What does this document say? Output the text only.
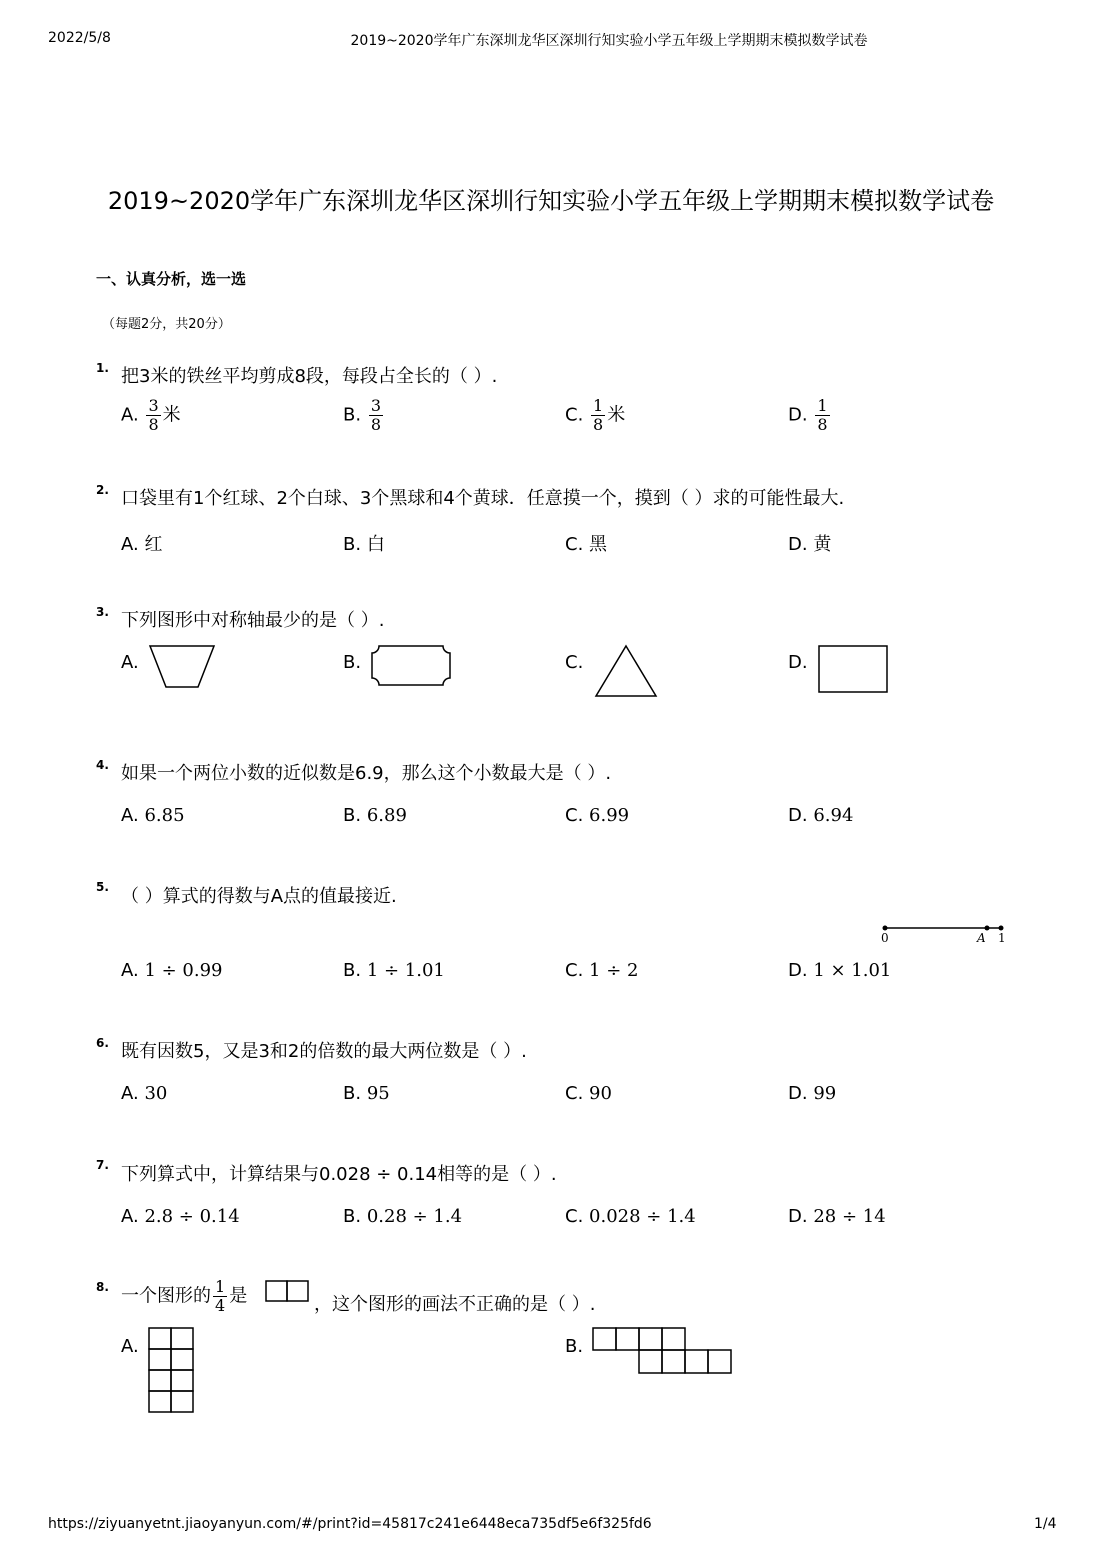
2022/5/8	2019~2020学年广东深圳龙华区深圳行知实验小学五年级上学期期末模拟数学试卷
2019~2020学年广东深圳龙华区深圳行知实验小学五年级上学期期末模拟数学试卷
一、认真分析，选一选
（每题2分，共20分）
1. 把3米的铁丝平均剪成8段，每段占全长的（ ）.
A. $\frac{3}{8}$ 米	B. $\frac{3}{8}$	C. $\frac{1}{8}$ 米	D. $\frac{1}{8}$
2. 口袋里有1个红球、2个白球、3个黑球和4个黄球．任意摸一个，摸到（ ）求的可能性最大.
A. 红	B. 白	C. 黑	D. 黄
3. 下列图形中对称轴最少的是（ ）.
A.	B.	C.	D.
4. 如果一个两位小数的近似数是6.9，那么这个小数最大是（ ）.
A. 6.85	B. 6.89	C. 6.99	D. 6.94
5. （ ）算式的得数与A点的值最接近.
0	A 1
A. 1 ÷ 0.99	B. 1 ÷ 1.01	C. 1 ÷ 2	D. 1 × 1.01
6. 既有因数5，又是3和2的倍数的最大两位数是（ ）.
A. 30	B. 95	C. 90	D. 99
7. 下列算式中，计算结果与0.028 ÷ 0.14相等的是（ ）.
A. 2.8 ÷ 0.14	B. 0.28 ÷ 1.4	C. 0.028 ÷ 1.4	D. 28 ÷ 14
8. 一个图形的 $\frac{1}{4}$ 是	，这个图形的画法不正确的是（ ）.
A.	B.
https://ziyuanyetnt.jiaoyanyun.com/#/print?id=45817c241e6448eca735df5e6f325fd6	1/4
